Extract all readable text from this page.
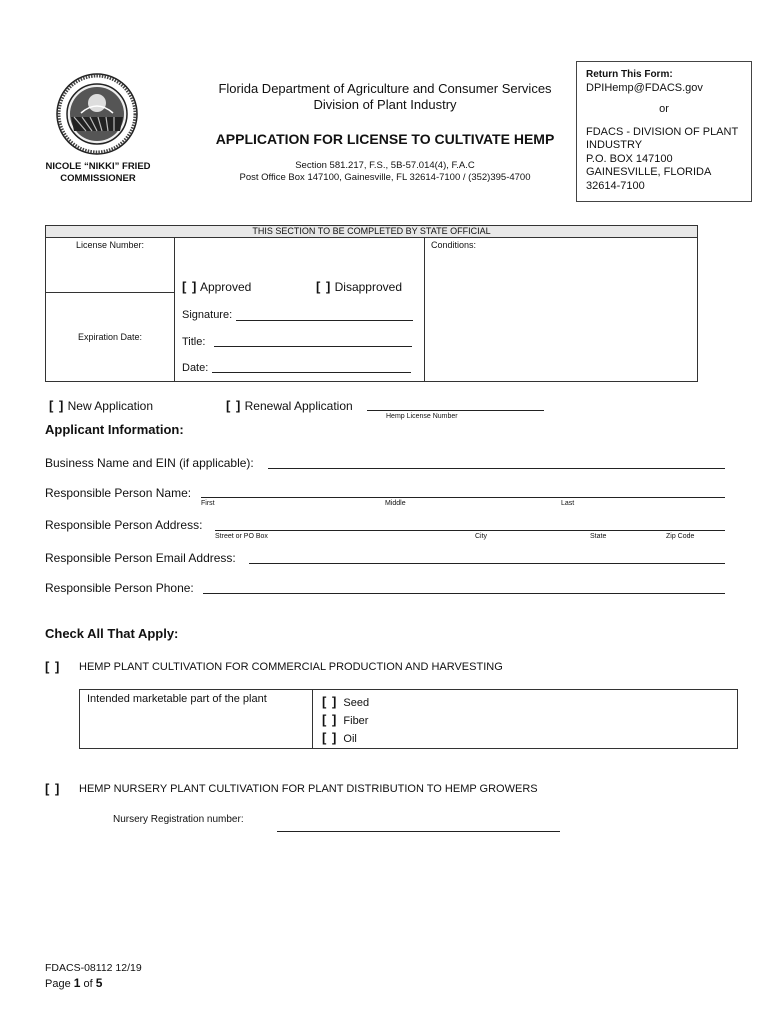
NICOLE “NIKKI” FRIED
COMMISSIONER
Florida Department of Agriculture and Consumer Services
Division of Plant Industry
APPLICATION FOR LICENSE TO CULTIVATE HEMP
Section 581.217, F.S., 5B-57.014(4), F.A.C
Post Office Box 147100, Gainesville, FL 32614-7100 / (352)395-4700
Return This Form:
DPIHemp@FDACS.gov
or
FDACS - DIVISION OF PLANT
INDUSTRY
P.O. BOX 147100
GAINESVILLE, FLORIDA
32614-7100
THIS SECTION TO BE COMPLETED BY STATE OFFICIAL
License Number:
Expiration Date:
Conditions:
[ ] Approved	[ ] Disapproved
Signature:
Title:
Date:
[ ] New Application	[ ] Renewal Application
Hemp License Number
Applicant Information:
Business Name and EIN (if applicable):
Responsible Person Name:
First	Middle	Last
Responsible Person Address:
Street or PO Box	City	State	Zip Code
Responsible Person Email Address:
Responsible Person Phone:
Check All That Apply:
[ ] HEMP PLANT CULTIVATION FOR COMMERCIAL PRODUCTION AND HARVESTING
Intended marketable part of the plant	[ ] Seed
[ ] Fiber
[ ] Oil
[ ] HEMP NURSERY PLANT CULTIVATION FOR PLANT DISTRIBUTION TO HEMP GROWERS
Nursery Registration number:
FDACS-08112 12/19
Page 1 of 5
